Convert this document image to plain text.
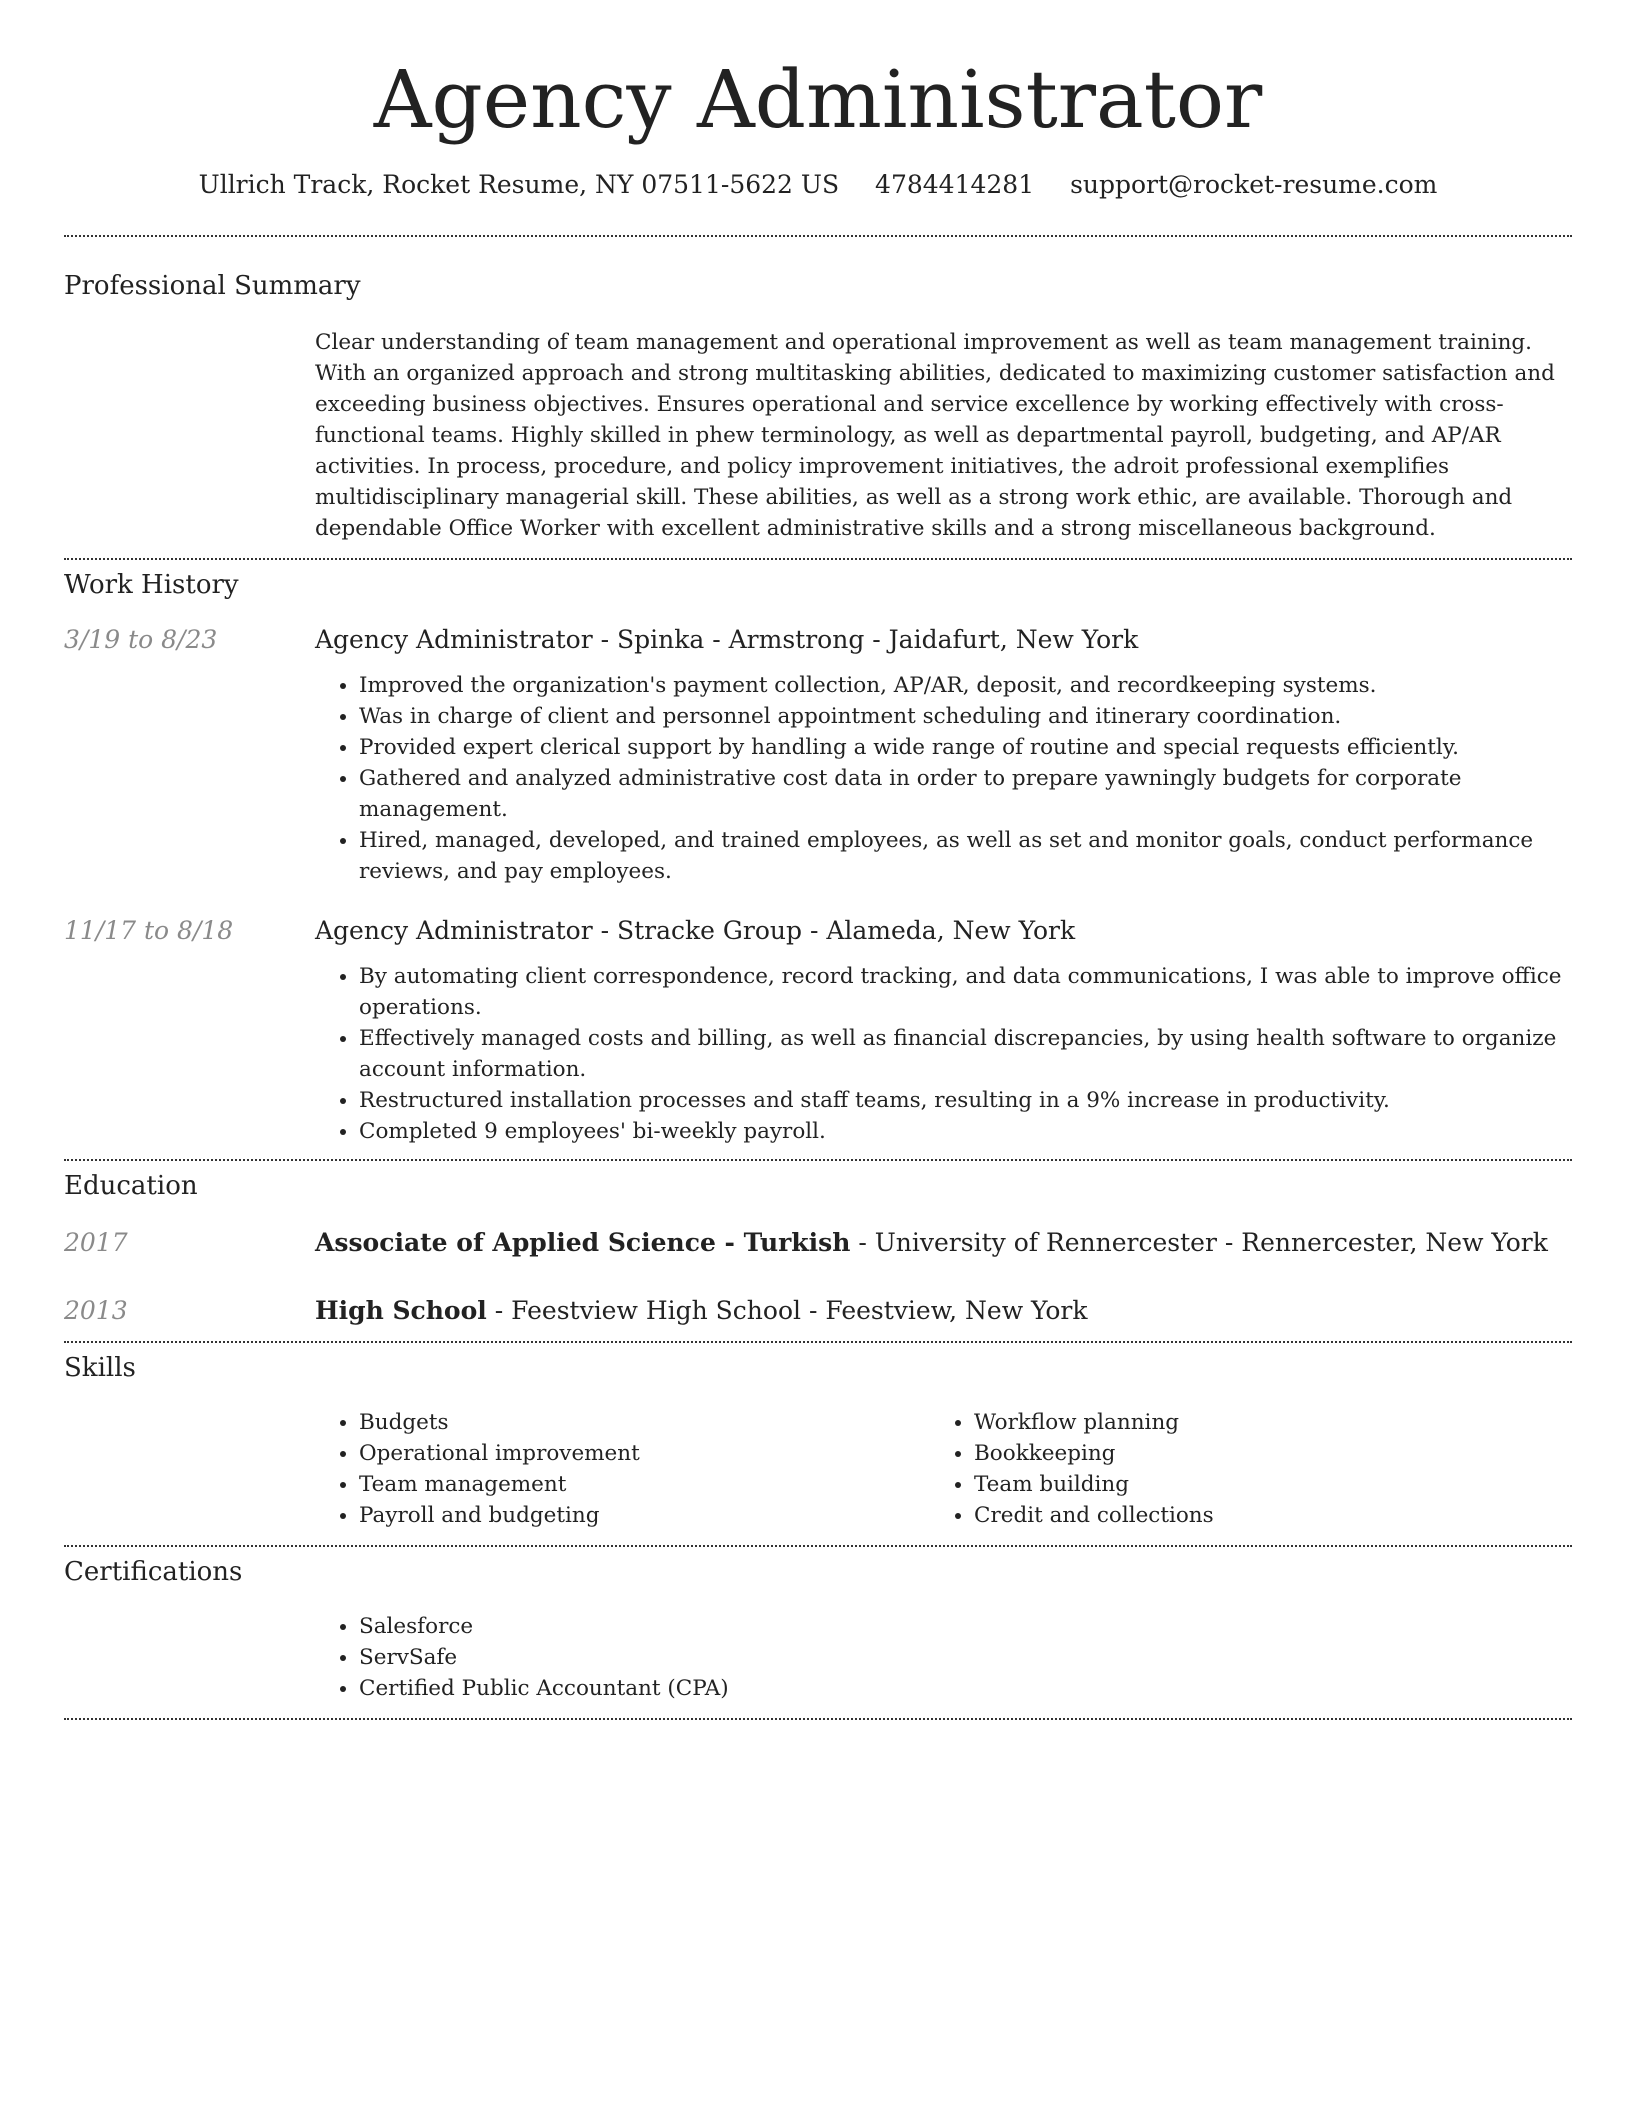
Agency Administrator
Ullrich Track, Rocket Resume, NY 07511-5622 US 4784414281 support@rocket-resume.com
Professional Summary

Clear understanding of team management and operational improvement as well as team management training. With an organized approach and strong multitasking abilities, dedicated to maximizing customer satisfaction and exceeding business objectives. Ensures operational and service excellence by working effectively with cross-functional teams. Highly skilled in phew terminology, as well as departmental payroll, budgeting, and AP/AR activities. In process, procedure, and policy improvement initiatives, the adroit professional exemplifies multidisciplinary managerial skill. These abilities, as well as a strong work ethic, are available. Thorough and dependable Office Worker with excellent administrative skills and a strong miscellaneous background.

Work History
3/19 to 8/23	Agency Administrator - Spinka - Armstrong - Jaidafurt, New York
• Improved the organization's payment collection, AP/AR, deposit, and recordkeeping systems.
• Was in charge of client and personnel appointment scheduling and itinerary coordination.
• Provided expert clerical support by handling a wide range of routine and special requests efficiently.
• Gathered and analyzed administrative cost data in order to prepare yawningly budgets for corporate management.
• Hired, managed, developed, and trained employees, as well as set and monitor goals, conduct performance reviews, and pay employees.
11/17 to 8/18	Agency Administrator - Stracke Group - Alameda, New York
• By automating client correspondence, record tracking, and data communications, I was able to improve office operations.
• Effectively managed costs and billing, as well as financial discrepancies, by using health software to organize account information.
• Restructured installation processes and staff teams, resulting in a 9% increase in productivity.
• Completed 9 employees' bi-weekly payroll.
Education
2017	Associate of Applied Science - Turkish - University of Rennercester - Rennercester, New York
2013	High School - Feestview High School - Feestview, New York
Skills
• Budgets
• Operational improvement
• Team management
• Payroll and budgeting
• Workflow planning
• Bookkeeping
• Team building
• Credit and collections
Certifications
• Salesforce
• ServSafe
• Certified Public Accountant (CPA)
